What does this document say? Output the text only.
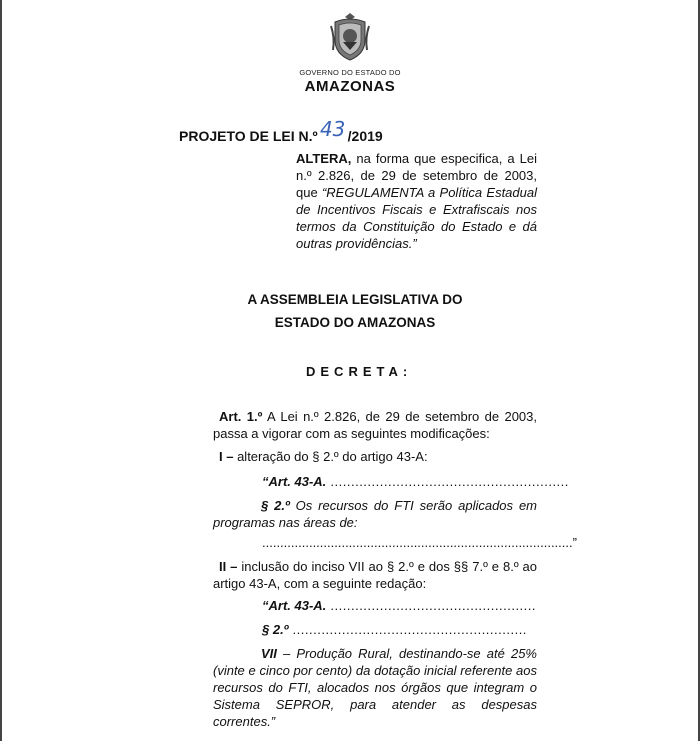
GOVERNO DO ESTADO DO
AMAZONAS
PROJETO DE LEI N.º 43 /2019
ALTERA, na forma que especifica, a Lei n.º 2.826, de 29 de setembro de 2003, que “REGULAMENTA a Política Estadual de Incentivos Fiscais e Extrafiscais nos termos da Constituição do Estado e dá outras providências.”
A ASSEMBLEIA LEGISLATIVA DO
ESTADO DO AMAZONAS
DECRETA:
Art. 1.º A Lei n.º 2.826, de 29 de setembro de 2003, passa a vigorar com as seguintes modificações:
I – alteração do § 2.º do artigo 43-A:
“Art. 43-A. ..........................................................
§ 2.º Os recursos do FTI serão aplicados em programas nas áreas de:
......................................................................................”
II – inclusão do inciso VII ao § 2.º e dos §§ 7.º e 8.º ao artigo 43-A, com a seguinte redação:
“Art. 43-A. ..................................................
§ 2.º .........................................................
VII – Produção Rural, destinando-se até 25% (vinte e cinco por cento) da dotação inicial referente aos recursos do FTI, alocados nos órgãos que integram o Sistema SEPROR, para atender as despesas correntes.”
